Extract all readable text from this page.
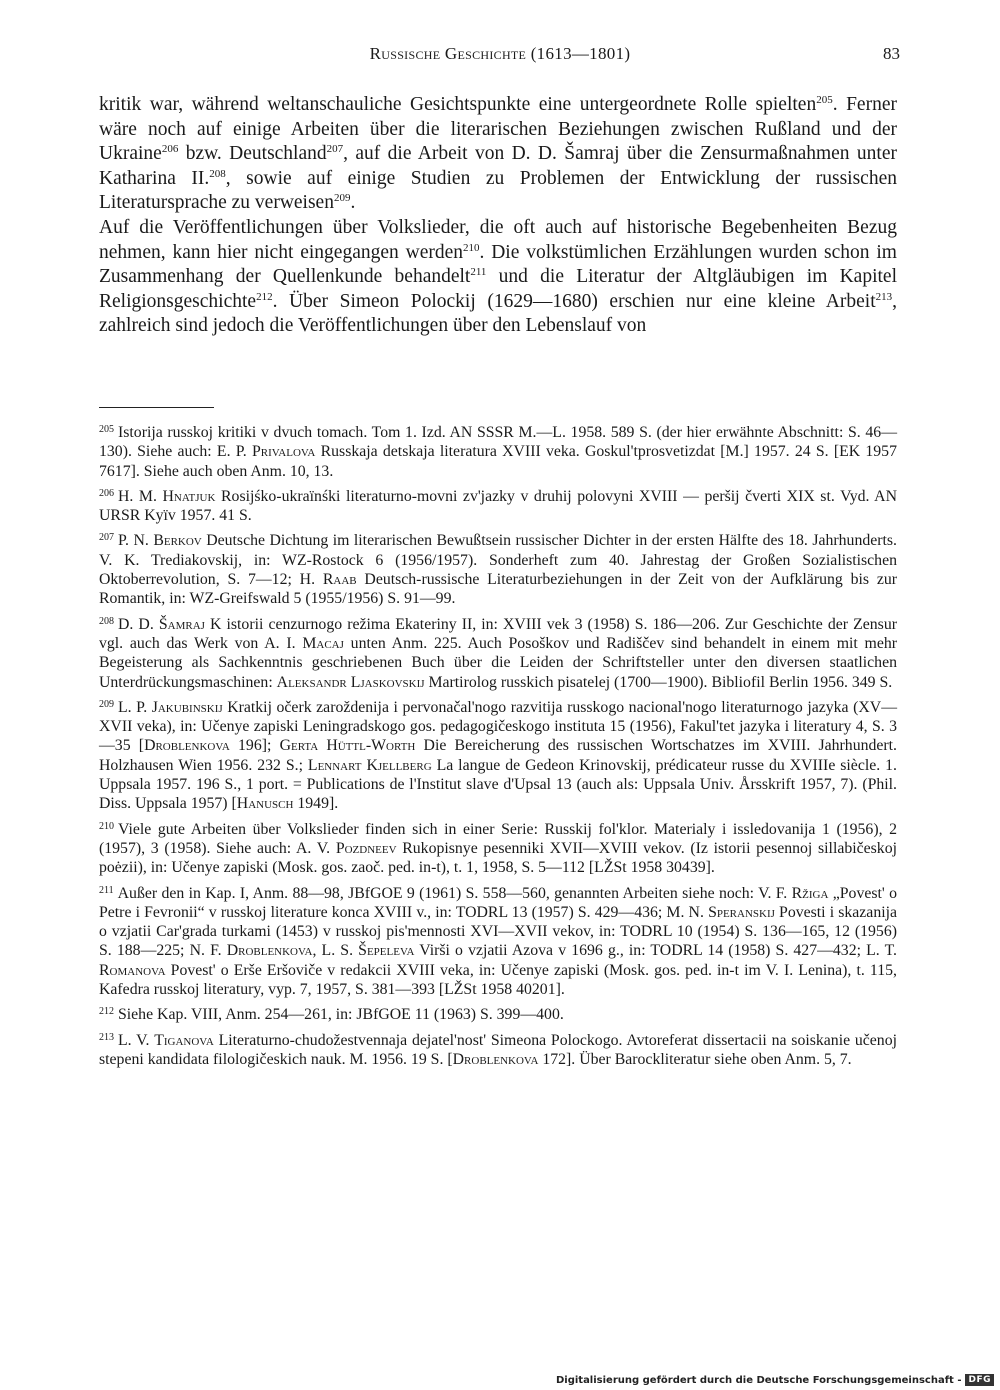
Russische Geschichte (1613—1801)	83

kritik war, während weltanschauliche Gesichtspunkte eine untergeordnete Rolle spielten$^{205}$. Ferner wäre noch auf einige Arbeiten über die literarischen Beziehungen zwischen Rußland und der Ukraine$^{206}$ bzw. Deutschland$^{207}$, auf die Arbeit von D. D. Šamraj über die Zensurmaßnahmen unter Katharina II.$^{208}$, sowie auf einige Studien zu Problemen der Entwicklung der russischen Literatursprache zu verweisen$^{209}$.

Auf die Veröffentlichungen über Volkslieder, die oft auch auf historische Begebenheiten Bezug nehmen, kann hier nicht eingegangen werden$^{210}$. Die volkstümlichen Erzählungen wurden schon im Zusammenhang der Quellenkunde behandelt$^{211}$ und die Literatur der Altgläubigen im Kapitel Religionsgeschichte$^{212}$. Über Simeon Polockij (1629—1680) erschien nur eine kleine Arbeit$^{213}$, zahlreich sind jedoch die Veröffentlichungen über den Lebenslauf von

$^{205}$ Istorija russkoj kritiki v dvuch tomach. Tom 1. Izd. AN SSSR M.—L. 1958. 589 S. (der hier erwähnte Abschnitt: S. 46—130). Siehe auch: E. P. Privalova Russkaja detskaja literatura XVIII veka. Goskul'tprosvetizdat [M.] 1957. 24 S. [EK 1957 7617]. Siehe auch oben Anm. 10, 13.
$^{206}$ H. M. Hnatjuk Rosijśko-ukraïnśki literaturno-movni zv'jazky v druhij polovyni XVIII — peršij čverti XIX st. Vyd. AN URSR Kyïv 1957. 41 S.
$^{207}$ P. N. Berkov Deutsche Dichtung im literarischen Bewußtsein russischer Dichter in der ersten Hälfte des 18. Jahrhunderts. V. K. Trediakovskij, in: WZ-Rostock 6 (1956/1957). Sonderheft zum 40. Jahrestag der Großen Sozialistischen Oktoberrevolution, S. 7—12; H. Raab Deutsch-russische Literaturbeziehungen in der Zeit von der Aufklärung bis zur Romantik, in: WZ-Greifswald 5 (1955/1956) S. 91—99.
$^{208}$ D. D. Šamraj K istorii cenzurnogo režima Ekateriny II, in: XVIII vek 3 (1958) S. 186—206. Zur Geschichte der Zensur vgl. auch das Werk von A. I. Macaj unten Anm. 225. Auch Posoškov und Radiščev sind behandelt in einem mit mehr Begeisterung als Sachkenntnis geschriebenen Buch über die Leiden der Schriftsteller unter den diversen staatlichen Unterdrückungsmaschinen: Aleksandr Ljaskovskij Martirolog russkich pisatelej (1700—1900). Bibliofil Berlin 1956. 349 S.
$^{209}$ L. P. Jakubinskij Kratkij očerk zaroždenija i pervonačal'nogo razvitija russkogo nacional'nogo literaturnogo jazyka (XV—XVII veka), in: Učenye zapiski Leningradskogo gos. pedagogičeskogo instituta 15 (1956), Fakul'tet jazyka i literatury 4, S. 3—35 [Droblenkova 196]; Gerta Hüttl-Worth Die Bereicherung des russischen Wortschatzes im XVIII. Jahrhundert. Holzhausen Wien 1956. 232 S.; Lennart Kjellberg La langue de Gedeon Krinovskij, prédicateur russe du XVIIIe siècle. 1. Uppsala 1957. 196 S., 1 port. = Publications de l'Institut slave d'Upsal 13 (auch als: Uppsala Univ. Årsskrift 1957, 7). (Phil. Diss. Uppsala 1957) [Hanusch 1949].
$^{210}$ Viele gute Arbeiten über Volkslieder finden sich in einer Serie: Russkij fol'klor. Materialy i issledovanija 1 (1956), 2 (1957), 3 (1958). Siehe auch: A. V. Pozdneev Rukopisnye pesenniki XVII—XVIII vekov. (Iz istorii pesennoj sillabičeskoj poėzii), in: Učenye zapiski (Mosk. gos. zaoč. ped. in-t), t. 1, 1958, S. 5—112 [LŽSt 1958 30439].
$^{211}$ Außer den in Kap. I, Anm. 88—98, JBfGOE 9 (1961) S. 558—560, genannten Arbeiten siehe noch: V. F. Ržiga „Povest' o Petre i Fevronii“ v russkoj literature konca XVIII v., in: TODRL 13 (1957) S. 429—436; M. N. Speranskij Povesti i skazanija o vzjatii Car'grada turkami (1453) v russkoj pis'mennosti XVI—XVII vekov, in: TODRL 10 (1954) S. 136—165, 12 (1956) S. 188—225; N. F. Droblenkova, L. S. Šepeleva Virši o vzjatii Azova v 1696 g., in: TODRL 14 (1958) S. 427—432; L. T. Romanova Povest' o Erše Eršoviče v redakcii XVIII veka, in: Učenye zapiski (Mosk. gos. ped. in-t im V. I. Lenina), t. 115, Kafedra russkoj literatury, vyp. 7, 1957, S. 381—393 [LŽSt 1958 40201].
$^{212}$ Siehe Kap. VIII, Anm. 254—261, in: JBfGOE 11 (1963) S. 399—400.
$^{213}$ L. V. Tiganova Literaturno-chudožestvennaja dejatel'nost' Simeona Polockogo. Avtoreferat dissertacii na soiskanie učenoj stepeni kandidata filologičeskich nauk. M. 1956. 19 S. [Droblenkova 172]. Über Barockliteratur siehe oben Anm. 5, 7.
Digitalisierung gefördert durch die Deutsche Forschungsgemeinschaft - DFG
